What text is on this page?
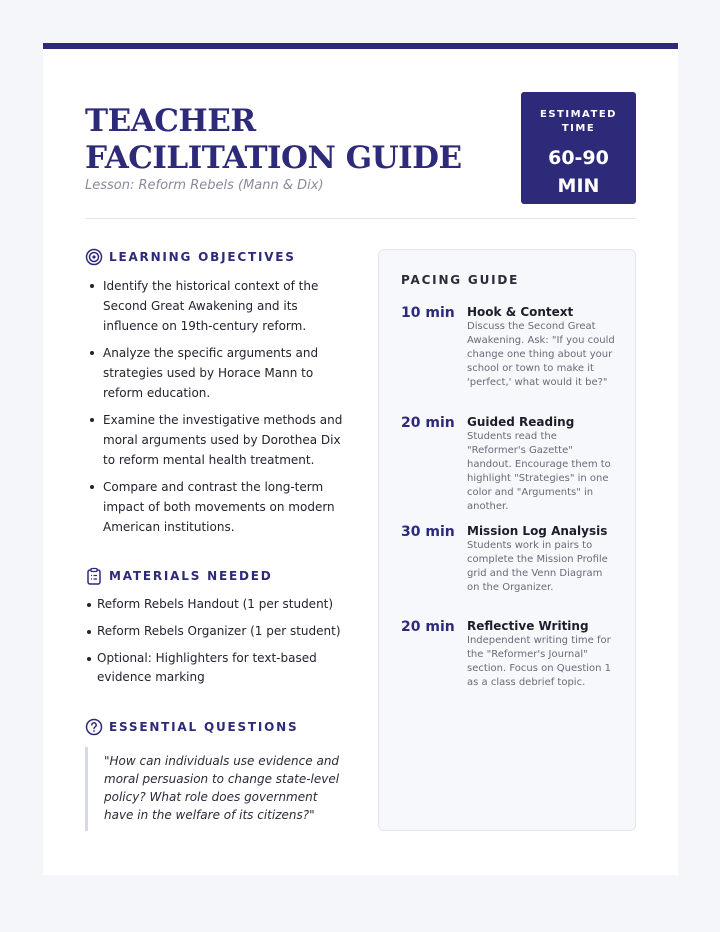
TEACHER FACILITATION GUIDE
Lesson: Reform Rebels (Mann & Dix)
ESTIMATED TIME
60-90 MIN
LEARNING OBJECTIVES
Identify the historical context of the Second Great Awakening and its influence on 19th-century reform.
Analyze the specific arguments and strategies used by Horace Mann to reform education.
Examine the investigative methods and moral arguments used by Dorothea Dix to reform mental health treatment.
Compare and contrast the long-term impact of both movements on modern American institutions.
MATERIALS NEEDED
Reform Rebels Handout (1 per student)
Reform Rebels Organizer (1 per student)
Optional: Highlighters for text-based evidence marking
ESSENTIAL QUESTIONS
"How can individuals use evidence and moral persuasion to change state-level policy? What role does government have in the welfare of its citizens?"
PACING GUIDE
10 min	Hook & Context
Discuss the Second Great Awakening. Ask: "If you could change one thing about your school or town to make it 'perfect,' what would it be?"
20 min	Guided Reading
Students read the "Reformer's Gazette" handout. Encourage them to highlight "Strategies" in one color and "Arguments" in another.
30 min	Mission Log Analysis
Students work in pairs to complete the Mission Profile grid and the Venn Diagram on the Organizer.
20 min	Reflective Writing
Independent writing time for the "Reformer's Journal" section. Focus on Question 1 as a class debrief topic.
